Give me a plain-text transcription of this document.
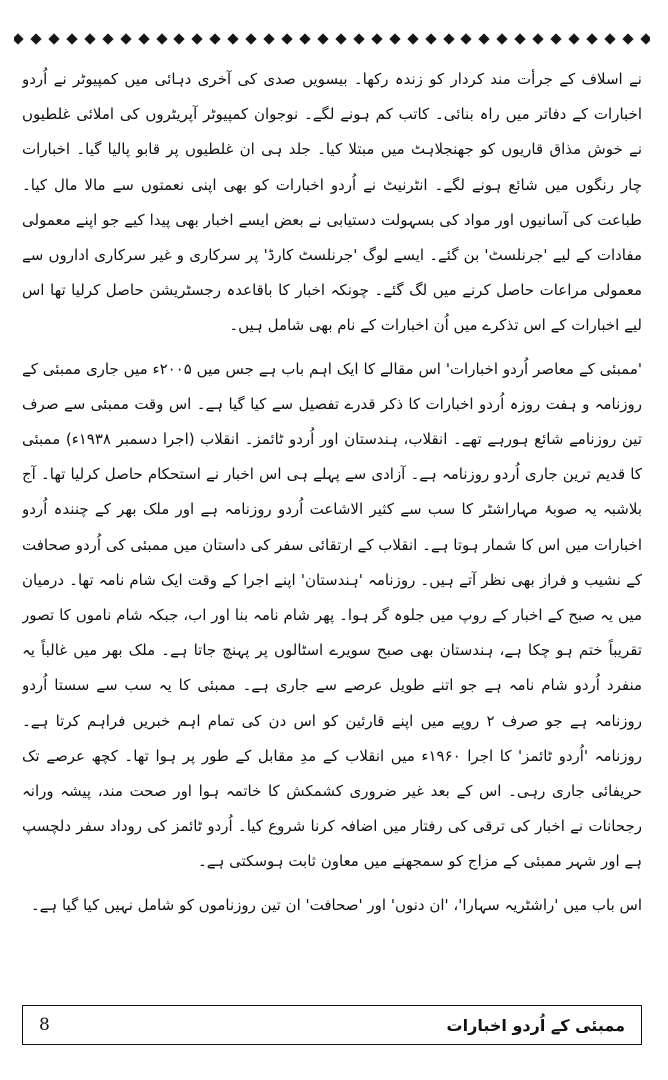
نے اسلاف کے جرأت مند کردار کو زندہ رکھا۔ بیسویں صدی کی آخری دہائی میں کمپیوٹر نے اُردو اخبارات کے دفاتر میں راہ بنائی۔ کاتب کم ہونے لگے۔ نوجوان کمپیوٹر آپریٹروں کی املائی غلطیوں نے خوش مذاق قاریوں کو جھنجلاہٹ میں مبتلا کیا۔ جلد ہی ان غلطیوں پر قابو پالیا گیا۔ اخبارات چار رنگوں میں شائع ہونے لگے۔ انٹرنیٹ نے اُردو اخبارات کو بھی اپنی نعمتوں سے مالا مال کیا۔ طباعت کی آسانیوں اور مواد کی بسہولت دستیابی نے بعض ایسے اخبار بھی پیدا کیے جو اپنے معمولی مفادات کے لیے 'جرنلسٹ' بن گئے۔ ایسے لوگ 'جرنلسٹ کارڈ' پر سرکاری و غیر سرکاری اداروں سے معمولی مراعات حاصل کرنے میں لگ گئے۔ چونکہ اخبار کا باقاعدہ رجسٹریشن حاصل کرلیا تھا اس لیے اخبارات کے اس تذکرے میں اُن اخبارات کے نام بھی شامل ہیں۔

'ممبئی کے معاصر اُردو اخبارات' اس مقالے کا ایک اہم باب ہے جس میں ۲۰۰۵ء میں جاری ممبئی کے روزنامہ و ہفت روزہ اُردو اخبارات کا ذکر قدرے تفصیل سے کیا گیا ہے۔ اس وقت ممبئی سے صرف تین روزنامے شائع ہورہے تھے۔ انقلاب، ہندستان اور اُردو ٹائمز۔ انقلاب (اجرا دسمبر ۱۹۳۸ء) ممبئی کا قدیم ترین جاری اُردو روزنامہ ہے۔ آزادی سے پہلے ہی اس اخبار نے استحکام حاصل کرلیا تھا۔ آج بلاشبہ یہ صوبۂ مہاراشٹر کا سب سے کثیر الاشاعت اُردو روزنامہ ہے اور ملک بھر کے چنندہ اُردو اخبارات میں اس کا شمار ہوتا ہے۔ انقلاب کے ارتقائی سفر کی داستان میں ممبئی کی اُردو صحافت کے نشیب و فراز بھی نظر آتے ہیں۔ روزنامہ 'ہندستان' اپنے اجرا کے وقت ایک شام نامہ تھا۔ درمیان میں یہ صبح کے اخبار کے روپ میں جلوہ گر ہوا۔ پھر شام نامہ بنا اور اب، جبکہ شام ناموں کا تصور تقریباً ختم ہو چکا ہے، ہندستان بھی صبح سویرے اسٹالوں پر پہنچ جاتا ہے۔ ملک بھر میں غالباً یہ منفرد اُردو شام نامہ ہے جو اتنے طویل عرصے سے جاری ہے۔ ممبئی کا یہ سب سے سستا اُردو روزنامہ ہے جو صرف ۲ روپے میں اپنے قارئین کو اس دن کی تمام اہم خبریں فراہم کرتا ہے۔ روزنامہ 'اُردو ٹائمز' کا اجرا ۱۹۶۰ء میں انقلاب کے مدِ مقابل کے طور پر ہوا تھا۔ کچھ عرصے تک حریفائی جاری رہی۔ اس کے بعد غیر ضروری کشمکش کا خاتمہ ہوا اور صحت مند، پیشہ ورانہ رجحانات نے اخبار کی ترقی کی رفتار میں اضافہ کرنا شروع کیا۔ اُردو ٹائمز کی روداد سفر دلچسپ ہے اور شہر ممبئی کے مزاج کو سمجھنے میں معاون ثابت ہوسکتی ہے۔

اس باب میں 'راشٹریہ سہارا'، 'ان دنوں' اور 'صحافت' ان تین روزناموں کو شامل نہیں کیا گیا ہے۔

8	ممبئی کے اُردو اخبارات
